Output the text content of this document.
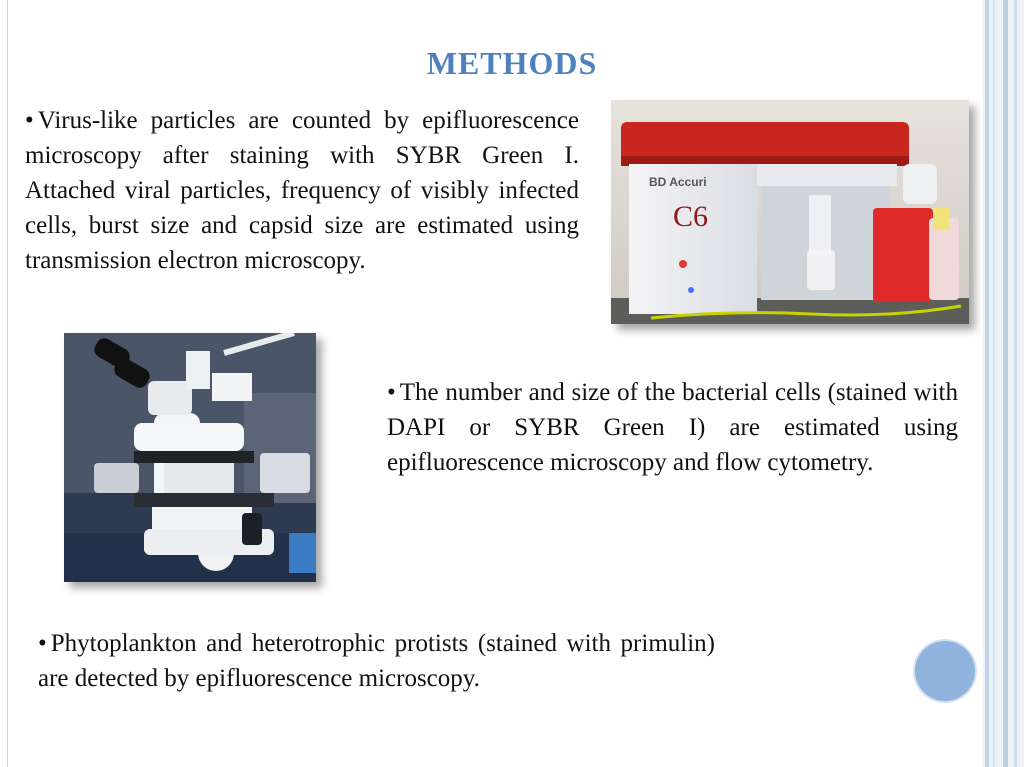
METHODS

• Virus-like particles are counted by epifluorescence microscopy after staining with SYBR Green I. Attached viral particles, frequency of visibly infected cells, burst size and capsid size are estimated using transmission electron microscopy.

BD Accuri
C6

• The number and size of the bacterial cells (stained with DAPI or SYBR Green I) are estimated using epifluorescence microscopy and flow cytometry.

• Phytoplankton and heterotrophic protists (stained with primulin) are detected by epifluorescence microscopy.
